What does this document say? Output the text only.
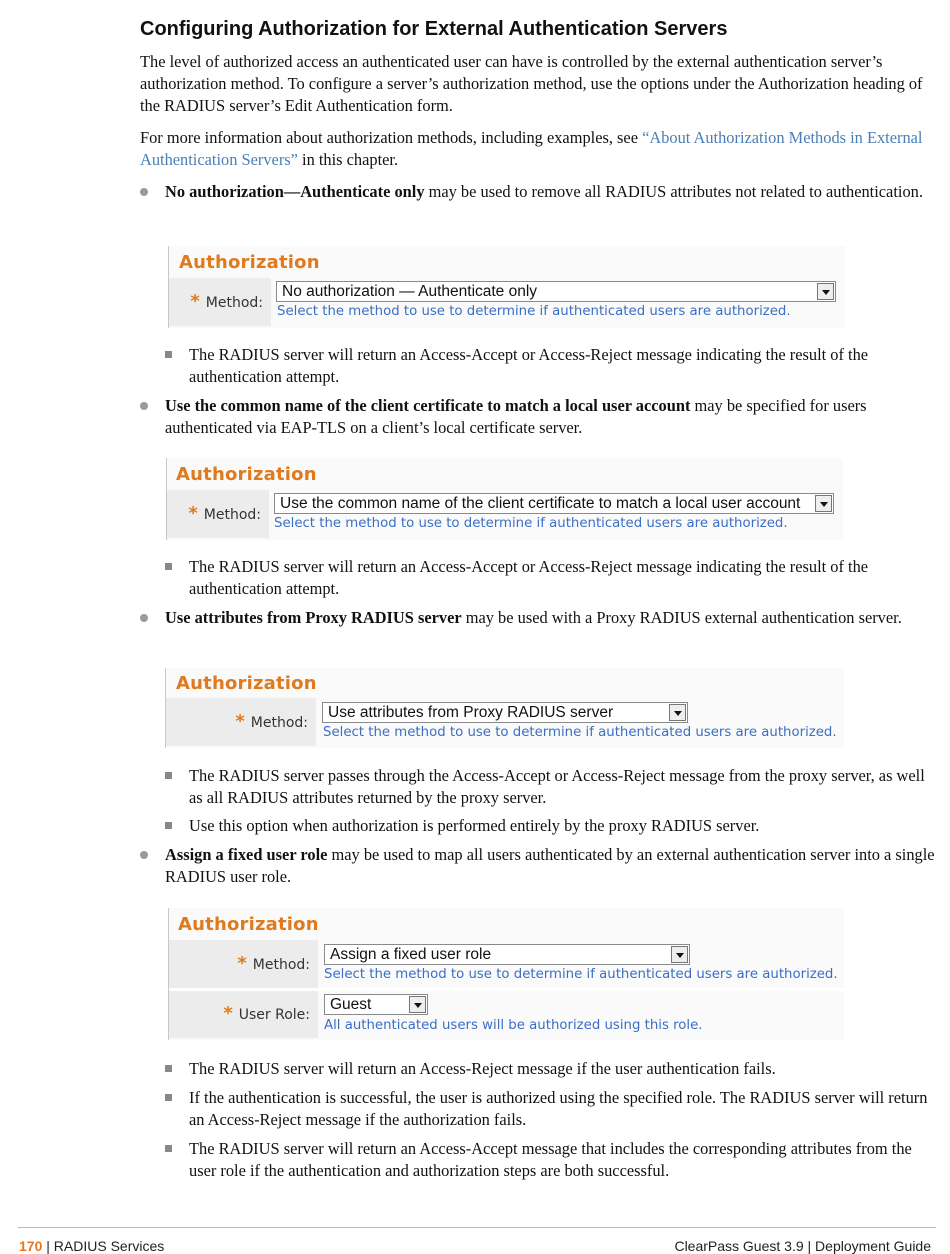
Configuring Authorization for External Authentication Servers

The level of authorized access an authenticated user can have is controlled by the external authentication server’s authorization method. To configure a server’s authorization method, use the options under the Authorization heading of the RADIUS server’s Edit Authentication form.

For more information about authorization methods, including examples, see “About Authorization Methods in External Authentication Servers” in this chapter.

No authorization—Authenticate only may be used to remove all RADIUS attributes not related to authentication.

Authorization
* Method:
No authorization — Authenticate only
Select the method to use to determine if authenticated users are authorized.

The RADIUS server will return an Access-Accept or Access-Reject message indicating the result of the authentication attempt.

Use the common name of the client certificate to match a local user account may be specified for users authenticated via EAP-TLS on a client’s local certificate server.

Authorization
* Method:
Use the common name of the client certificate to match a local user account
Select the method to use to determine if authenticated users are authorized.

The RADIUS server will return an Access-Accept or Access-Reject message indicating the result of the authentication attempt.

Use attributes from Proxy RADIUS server may be used with a Proxy RADIUS external authentication server.

Authorization
* Method:
Use attributes from Proxy RADIUS server
Select the method to use to determine if authenticated users are authorized.

The RADIUS server passes through the Access-Accept or Access-Reject message from the proxy server, as well as all RADIUS attributes returned by the proxy server.

Use this option when authorization is performed entirely by the proxy RADIUS server.

Assign a fixed user role may be used to map all users authenticated by an external authentication server into a single RADIUS user role.

Authorization
* Method:
Assign a fixed user role
Select the method to use to determine if authenticated users are authorized.
* User Role:
Guest
All authenticated users will be authorized using this role.

The RADIUS server will return an Access-Reject message if the user authentication fails.

If the authentication is successful, the user is authorized using the specified role. The RADIUS server will return an Access-Reject message if the authorization fails.

The RADIUS server will return an Access-Accept message that includes the corresponding attributes from the user role if the authentication and authorization steps are both successful.

170 | RADIUS Services	ClearPass Guest 3.9 | Deployment Guide
